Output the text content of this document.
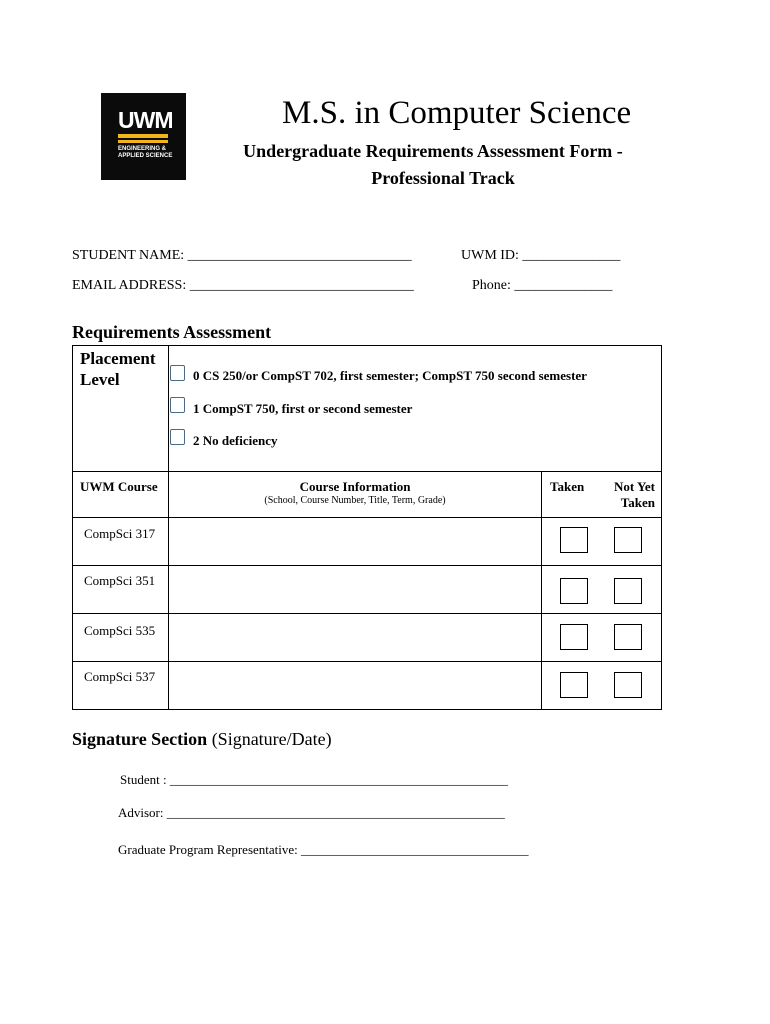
UWM
ENGINEERING &
APPLIED SCIENCE
M.S. in Computer Science
Undergraduate Requirements Assessment Form -
Professional Track
STUDENT NAME: ________________________________	UWM ID: ______________
EMAIL ADDRESS: ________________________________	Phone: ______________
Requirements Assessment
Placement
Level	0 CS 250/or CompST 702, first semester; CompST 750 second semester
1 CompST 750, first or second semester
2 No deficiency
UWM Course	Course Information
(School, Course Number, Title, Term, Grade)
Taken	Not Yet
Taken
CompSci 317
CompSci 351
CompSci 535
CompSci 537
Signature Section (Signature/Date)
Student : ____________________________________________________
Advisor: ____________________________________________________
Graduate Program Representative: ___________________________________
